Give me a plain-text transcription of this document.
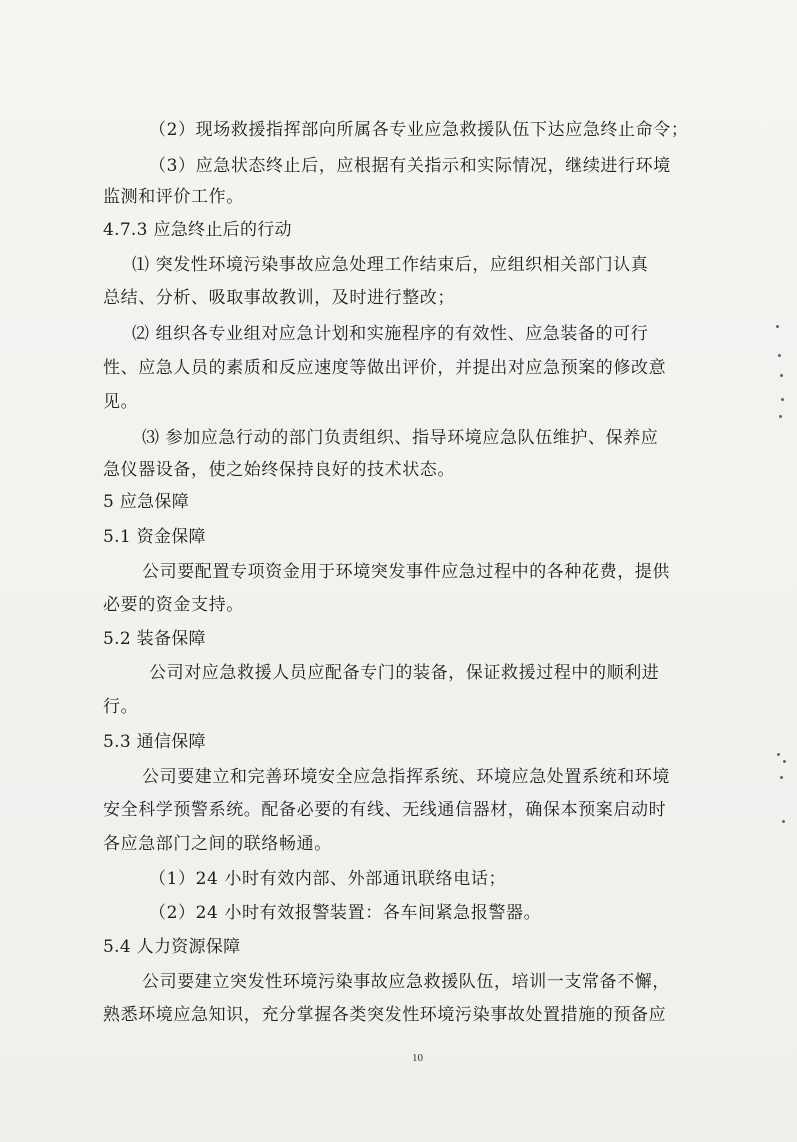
（2）现场救援指挥部向所属各专业应急救援队伍下达应急终止命令；
（3）应急状态终止后，应根据有关指示和实际情况，继续进行环境
监测和评价工作。
4.7.3 应急终止后的行动
⑴ 突发性环境污染事故应急处理工作结束后，应组织相关部门认真
总结、分析、吸取事故教训，及时进行整改；
⑵ 组织各专业组对应急计划和实施程序的有效性、应急装备的可行
性、应急人员的素质和反应速度等做出评价，并提出对应急预案的修改意
见。
⑶ 参加应急行动的部门负责组织、指导环境应急队伍维护、保养应
急仪器设备，使之始终保持良好的技术状态。
5 应急保障
5.1 资金保障
公司要配置专项资金用于环境突发事件应急过程中的各种花费，提供
必要的资金支持。
5.2 装备保障
公司对应急救援人员应配备专门的装备，保证救援过程中的顺利进
行。
5.3 通信保障
公司要建立和完善环境安全应急指挥系统、环境应急处置系统和环境
安全科学预警系统。配备必要的有线、无线通信器材，确保本预案启动时
各应急部门之间的联络畅通。
（1）24 小时有效内部、外部通讯联络电话；
（2）24 小时有效报警装置：各车间紧急报警器。
5.4 人力资源保障
公司要建立突发性环境污染事故应急救援队伍，培训一支常备不懈，
熟悉环境应急知识，充分掌握各类突发性环境污染事故处置措施的预备应
10
